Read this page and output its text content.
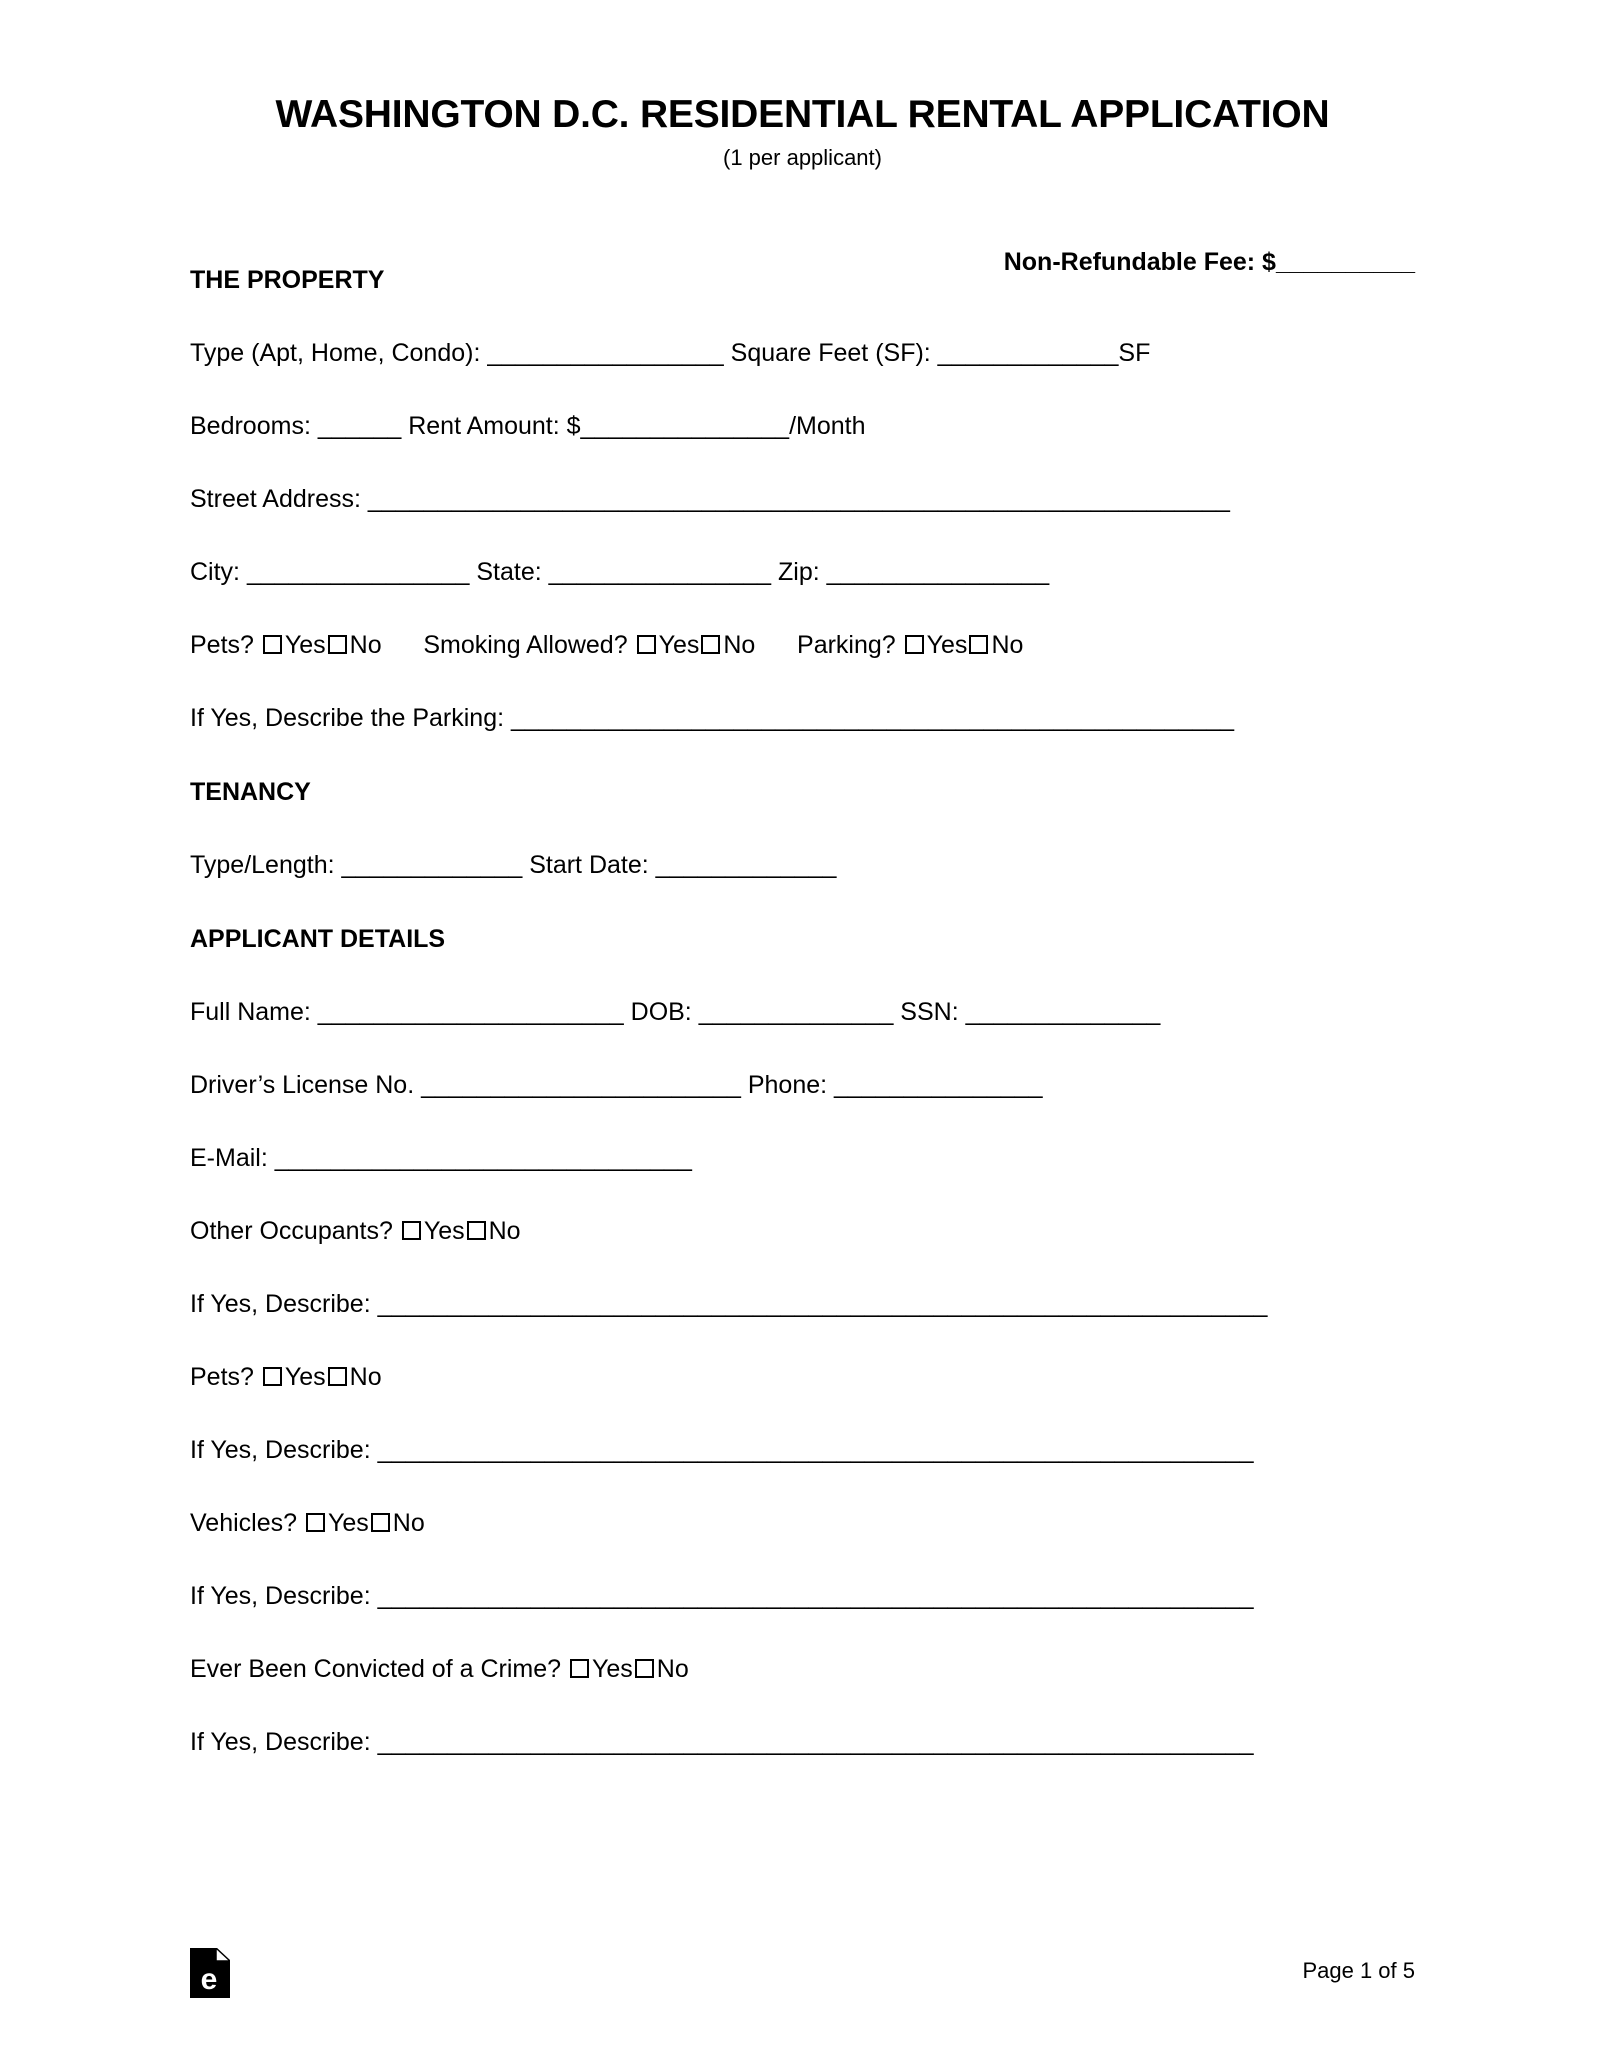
WASHINGTON D.C. RESIDENTIAL RENTAL APPLICATION

(1 per applicant)

Non-Refundable Fee: $__________

THE PROPERTY

Type (Apt, Home, Condo): _________________ Square Feet (SF): _____________SF

Bedrooms: ______ Rent Amount: $_______________/Month

Street Address: ______________________________________________________________

City: ________________ State: ________________ Zip: ________________

Pets? Yes No Smoking Allowed? Yes No Parking? Yes No

If Yes, Describe the Parking: ____________________________________________________

TENANCY

Type/Length: _____________ Start Date: _____________

APPLICANT DETAILS

Full Name: ______________________ DOB: ______________ SSN: ______________

Driver’s License No. _______________________ Phone: _______________

E-Mail: ______________________________

Other Occupants? Yes No

If Yes, Describe: ________________________________________________________________

Pets? Yes No

If Yes, Describe: _______________________________________________________________

Vehicles? Yes No

If Yes, Describe: _______________________________________________________________

Ever Been Convicted of a Crime? Yes No

If Yes, Describe: _______________________________________________________________

e	Page 1 of 5
